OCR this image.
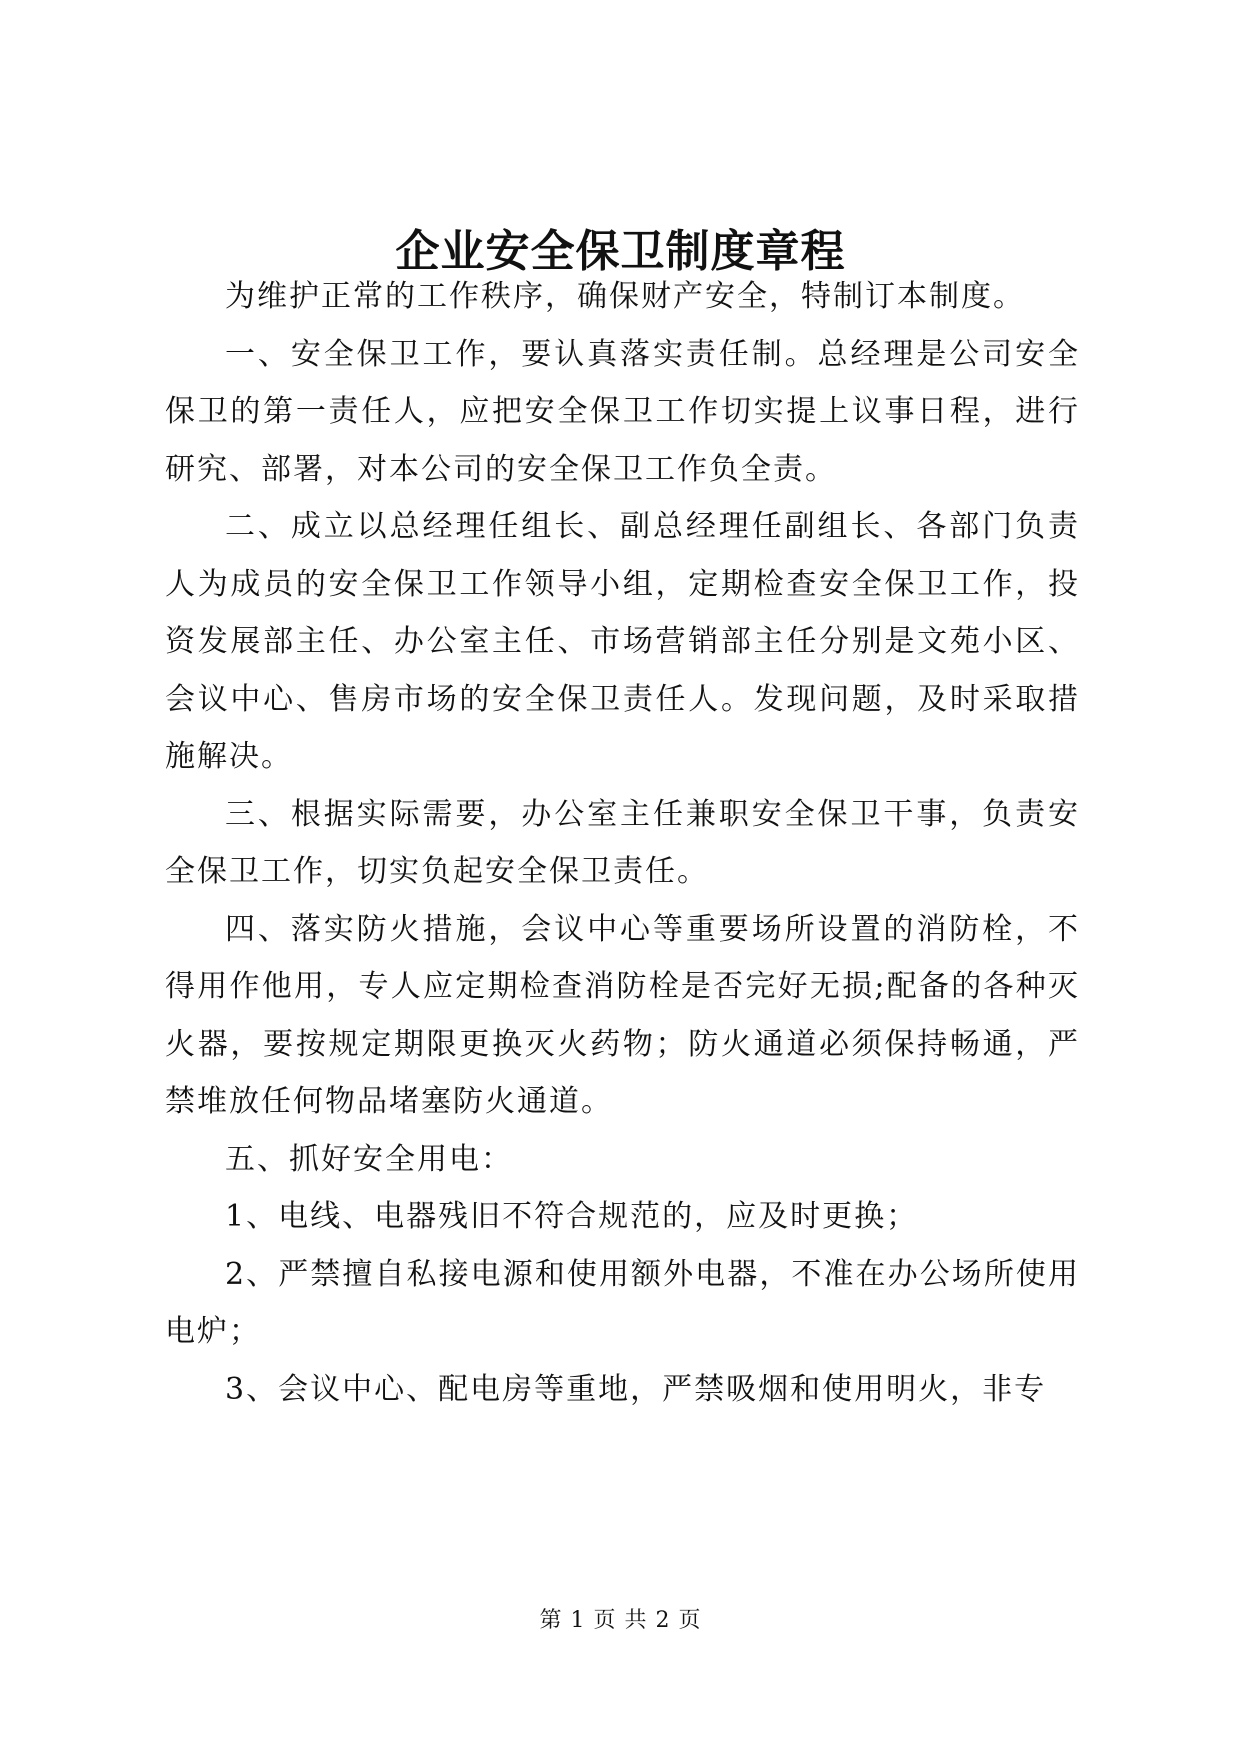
企业安全保卫制度章程

为维护正常的工作秩序，确保财产安全，特制订本制度。

一、安全保卫工作，要认真落实责任制。总经理是公司安全保卫的第一责任人，应把安全保卫工作切实提上议事日程，进行研究、部署，对本公司的安全保卫工作负全责。

二、成立以总经理任组长、副总经理任副组长、各部门负责人为成员的安全保卫工作领导小组，定期检查安全保卫工作，投资发展部主任、办公室主任、市场营销部主任分别是文苑小区、会议中心、售房市场的安全保卫责任人。发现问题，及时采取措施解决。

三、根据实际需要，办公室主任兼职安全保卫干事，负责安全保卫工作，切实负起安全保卫责任。

四、落实防火措施，会议中心等重要场所设置的消防栓，不得用作他用，专人应定期检查消防栓是否完好无损;配备的各种灭火器，要按规定期限更换灭火药物；防火通道必须保持畅通，严禁堆放任何物品堵塞防火通道。

五、抓好安全用电：

1、电线、电器残旧不符合规范的，应及时更换；

2、严禁擅自私接电源和使用额外电器，不准在办公场所使用电炉；

3、会议中心、配电房等重地，严禁吸烟和使用明火，非专

第 1 页 共 2 页
